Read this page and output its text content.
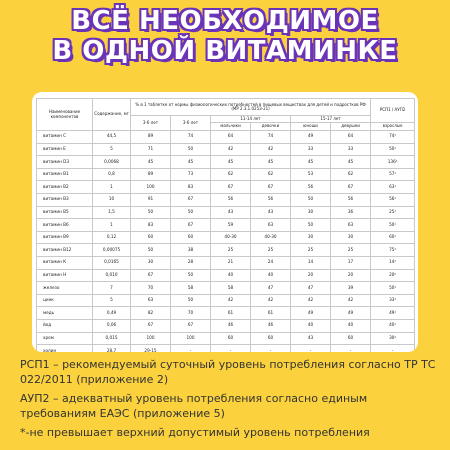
ВСЁ НЕОБХОДИМОЕ
В ОДНОЙ ВИТАМИНКЕ
Наименование компонентов	Содержание, мг	% в 1 таблетке от нормы физиологических потребностей в пищевых веществах для детей и подростков РФ (МР 2.3.1.0253-21)						РСП1 / АУП2
		3-6 лет	3-6 лет	11-14 лет		15-17 лет		
				мальчики	девочки	юноши	девушки	взрослые
витамин С	44,5	89	74	64	74	49	64	74¹
витамин Е	5	71	50	42	42	33	33	50¹
витамин D3	0,0068	45	45	45	45	45	45	136²
витамин В1	0,8	89	73	62	62	53	62	57¹
витамин В2	1	100	83	67	67	56	67	63¹
витамин В3	10	91	67	56	56	50	56	56¹
витамин В5	1,5	50	50	43	43	30	36	25¹
витамин В6	1	83	67	59	63	50	63	50¹
витамин В9	0,12	60	60	40-30	40-30	30	30	60¹
витамин В12	0,00075	50	38	25	25	25	25	75¹
витамин К	0,0165	30	28	21	24	14	17	14²
витамин Н	0,010	67	50	40	40	20	20	20²
железо	7	70	58	58	47	47	39	50¹
цинк	5	63	50	42	42	42	42	33¹
медь	0,49	82	70	61	61	49	49	49¹
йод	0,06	67	67	46	46	40	40	40¹
хром	0,015	100	100	60	60	43	60	30²
холин	28,7	29-15	-	-	-	-	-	-

РСП1 – рекомендуемый суточный уровень потребления согласно ТР ТС 022/2011 (приложение 2)

АУП2 – адекватный уровень потребления согласно единым требованиям ЕАЭС (приложение 5)

*-не превышает верхний допустимый уровень потребления
